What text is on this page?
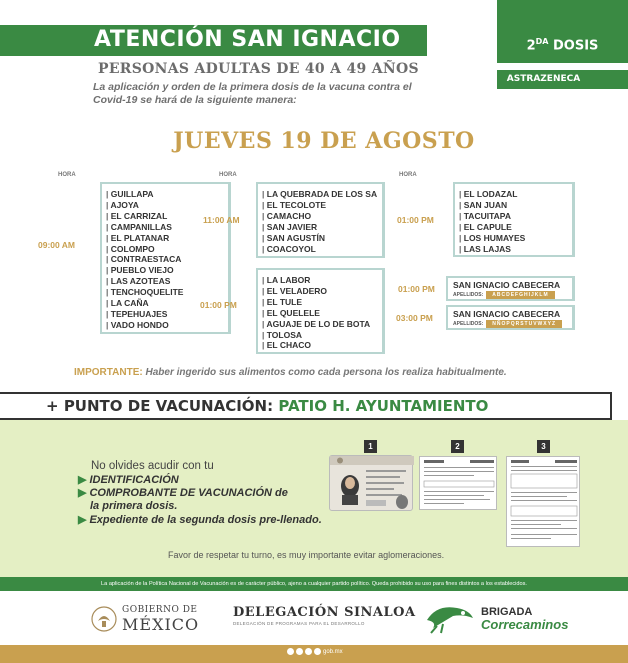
ATENCIÓN SAN IGNACIO	$2^{DA}$ DOSIS
ASTRAZENECA
PERSONAS ADULTAS DE 40 A 49 AÑOS
La aplicación y orden de la primera dosis de la vacuna contra el Covid-19 se hará de la siguiente manera:
JUEVES 19 DE AGOSTO
HORA	HORA	HORA
09:00 AM
| GUILLAPA
| AJOYA
| EL CARRIZAL
| CAMPANILLAS
| EL PLATANAR
| COLOMPO
| CONTRAESTACA
| PUEBLO VIEJO
| LAS AZOTEAS
| TENCHOQUELITE
| LA CAÑA
| TEPEHUAJES
| VADO HONDO
11:00 AM
| LA QUEBRADA DE LOS SA
| EL TECOLOTE
| CAMACHO
| SAN JAVIER
| SAN AGUSTÍN
| COACOYOL
01:00 PM
| LA LABOR
| EL VELADERO
| EL TULE
| EL QUELELE
| AGUAJE DE LO DE BOTA
| TOLOSA
| EL CHACO
01:00 PM
| EL LODAZAL
| SAN JUAN
| TACUITAPA
| EL CAPULE
| LOS HUMAYES
| LAS LAJAS
01:00 PM SAN IGNACIO CABECERA
APELLIDOS:	ABCDEFGHIJKLM
03:00 PM SAN IGNACIO CABECERA
APELLIDOS:	NÑOPQRSTUVWXYZ
IMPORTANTE: Haber ingerido sus alimentos como cada persona los realiza habitualmente.
+ PUNTO DE VACUNACIÓN: PATIO H. AYUNTAMIENTO
No olvides acudir con tu
▶ IDENTIFICACIÓN
▶ COMPROBANTE DE VACUNACIÓN de
la primera dosis.
▶ Expediente de la segunda dosis pre-llenado.
1	2	3
Favor de respetar tu turno, es muy importante evitar aglomeraciones.
La aplicación de la Política Nacional de Vacunación es de carácter público, ajeno a cualquier partido político. Queda prohibido su uso para fines distintos a los establecidos.
GOBIERNO DE
MÉXICO
DELEGACIÓN SINALOA
DELEGACIÓN DE PROGRAMAS PARA EL DESARROLLO
BRIGADA
Correcaminos
gob.mx
